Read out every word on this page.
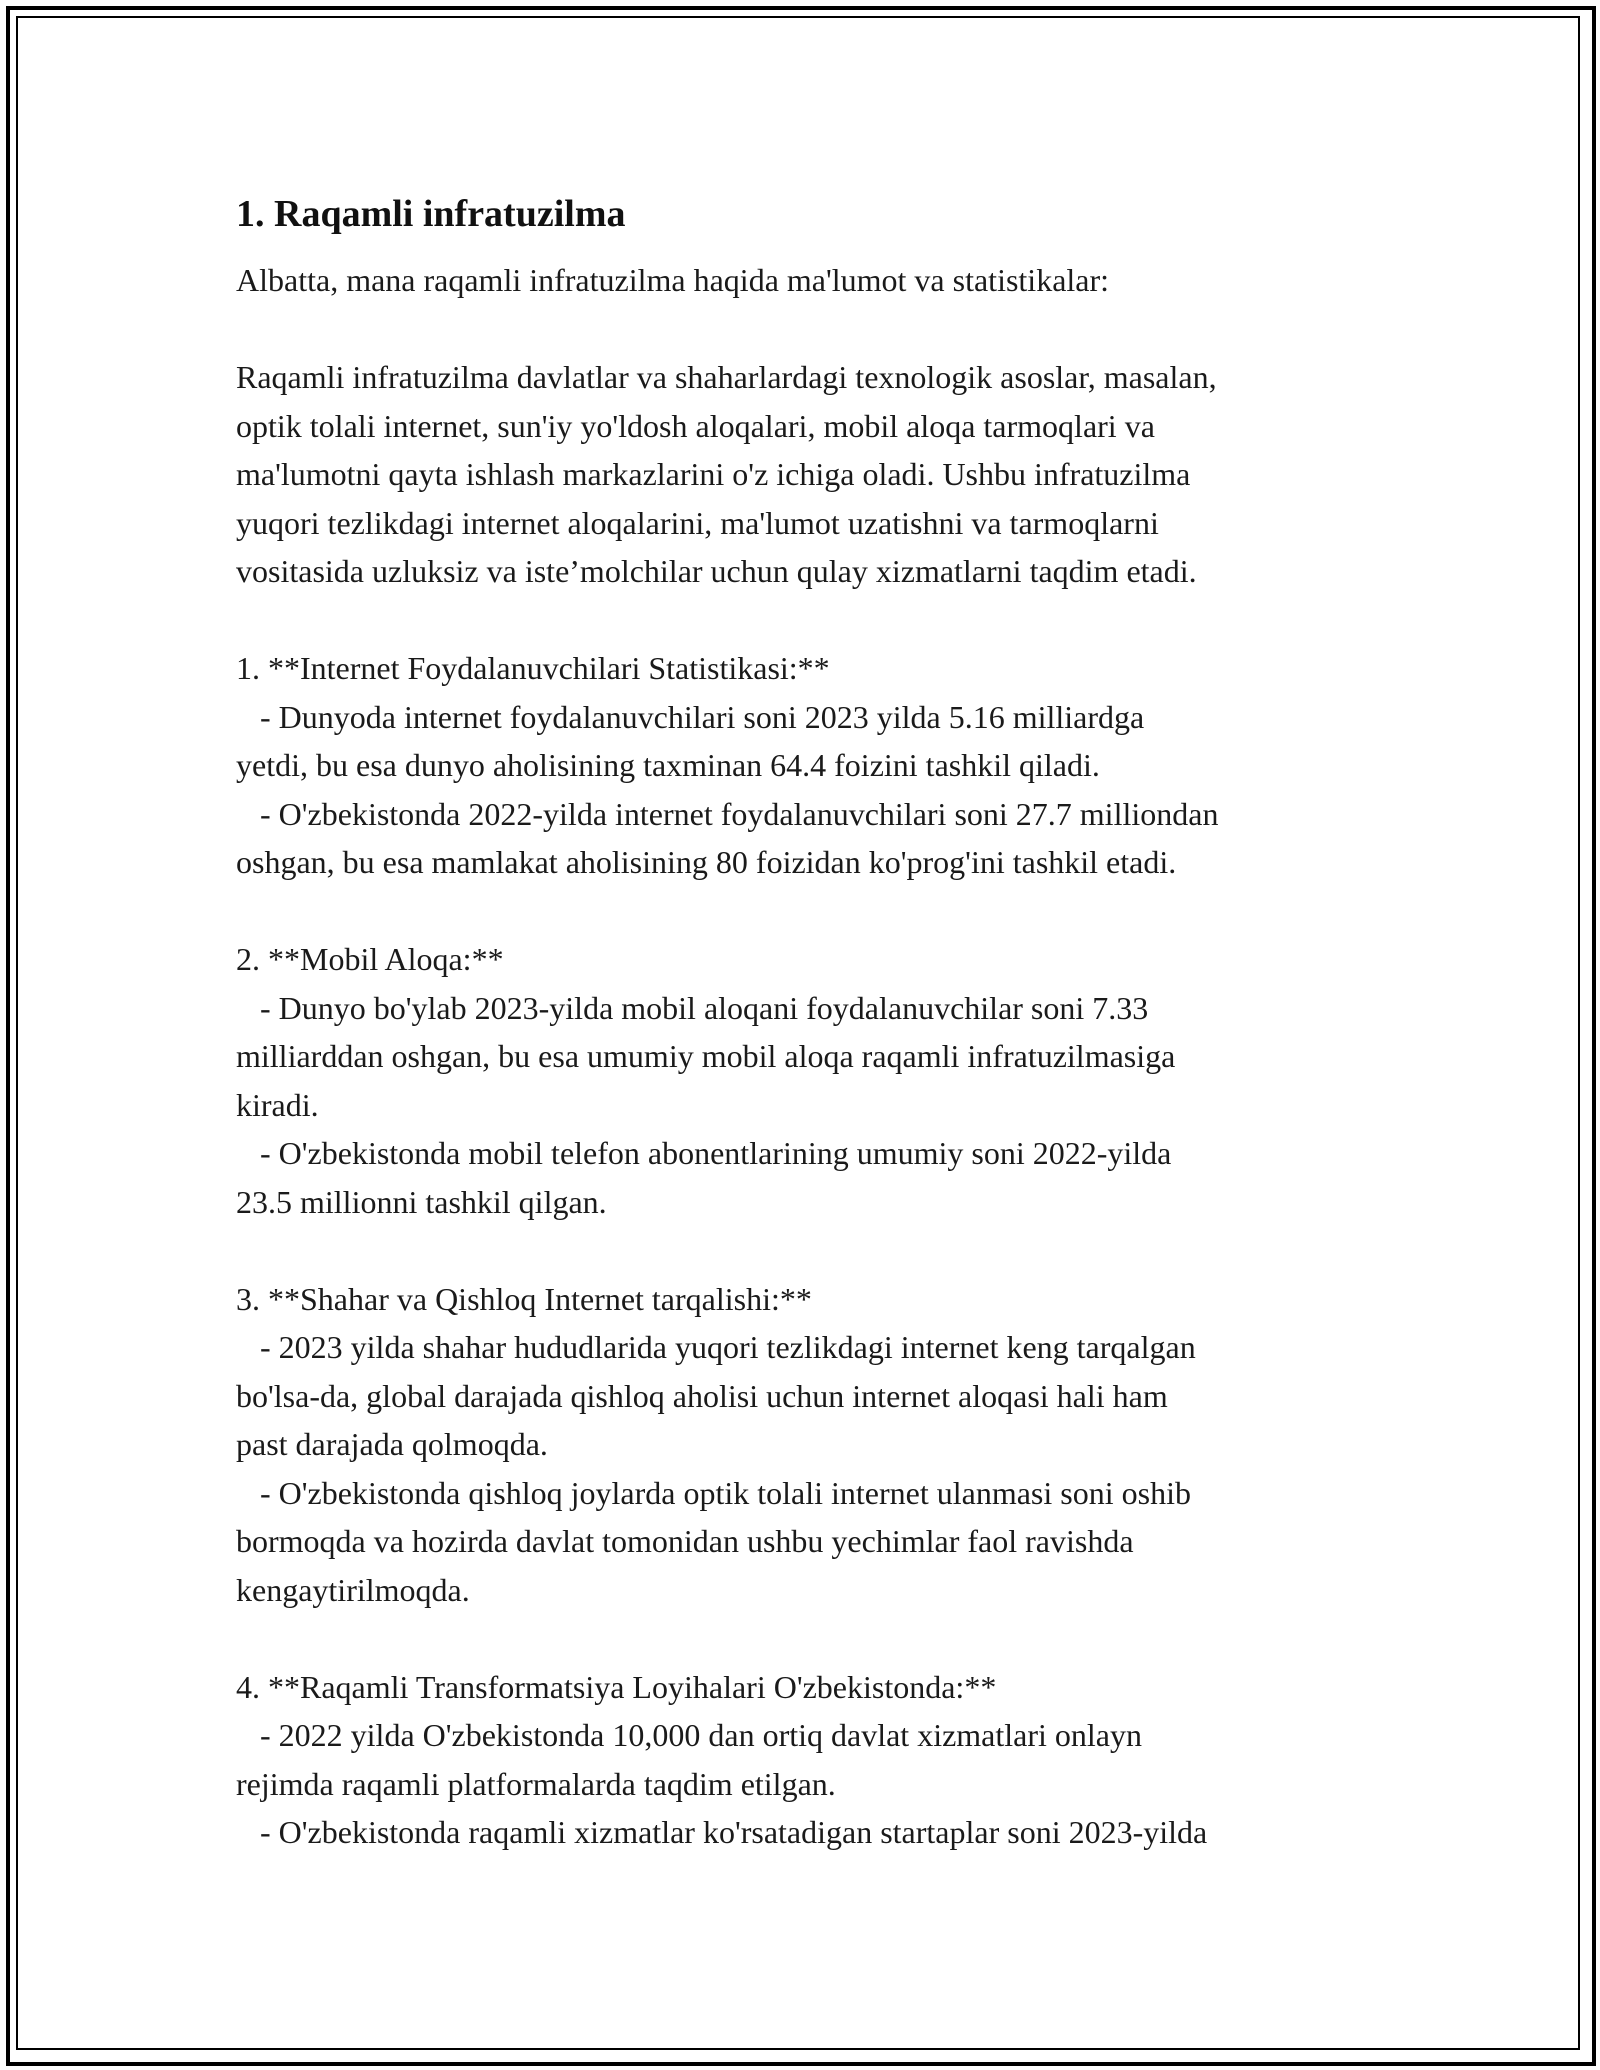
1. Raqamli infratuzilma

Albatta, mana raqamli infratuzilma haqida ma'lumot va statistikalar:

Raqamli infratuzilma davlatlar va shaharlardagi texnologik asoslar, masalan,

optik tolali internet, sun'iy yo'ldosh aloqalari, mobil aloqa tarmoqlari va

ma'lumotni qayta ishlash markazlarini o'z ichiga oladi. Ushbu infratuzilma

yuqori tezlikdagi internet aloqalarini, ma'lumot uzatishni va tarmoqlarni

vositasida uzluksiz va iste’molchilar uchun qulay xizmatlarni taqdim etadi.

1. **Internet Foydalanuvchilari Statistikasi:**

- Dunyoda internet foydalanuvchilari soni 2023 yilda 5.16 milliardga

yetdi, bu esa dunyo aholisining taxminan 64.4 foizini tashkil qiladi.

- O'zbekistonda 2022-yilda internet foydalanuvchilari soni 27.7 milliondan

oshgan, bu esa mamlakat aholisining 80 foizidan ko'prog'ini tashkil etadi.

2. **Mobil Aloqa:**

- Dunyo bo'ylab 2023-yilda mobil aloqani foydalanuvchilar soni 7.33

milliarddan oshgan, bu esa umumiy mobil aloqa raqamli infratuzilmasiga

kiradi.

- O'zbekistonda mobil telefon abonentlarining umumiy soni 2022-yilda

23.5 millionni tashkil qilgan.

3. **Shahar va Qishloq Internet tarqalishi:**

- 2023 yilda shahar hududlarida yuqori tezlikdagi internet keng tarqalgan

bo'lsa-da, global darajada qishloq aholisi uchun internet aloqasi hali ham

past darajada qolmoqda.

- O'zbekistonda qishloq joylarda optik tolali internet ulanmasi soni oshib

bormoqda va hozirda davlat tomonidan ushbu yechimlar faol ravishda

kengaytirilmoqda.

4. **Raqamli Transformatsiya Loyihalari O'zbekistonda:**

- 2022 yilda O'zbekistonda 10,000 dan ortiq davlat xizmatlari onlayn

rejimda raqamli platformalarda taqdim etilgan.

- O'zbekistonda raqamli xizmatlar ko'rsatadigan startaplar soni 2023-yilda
